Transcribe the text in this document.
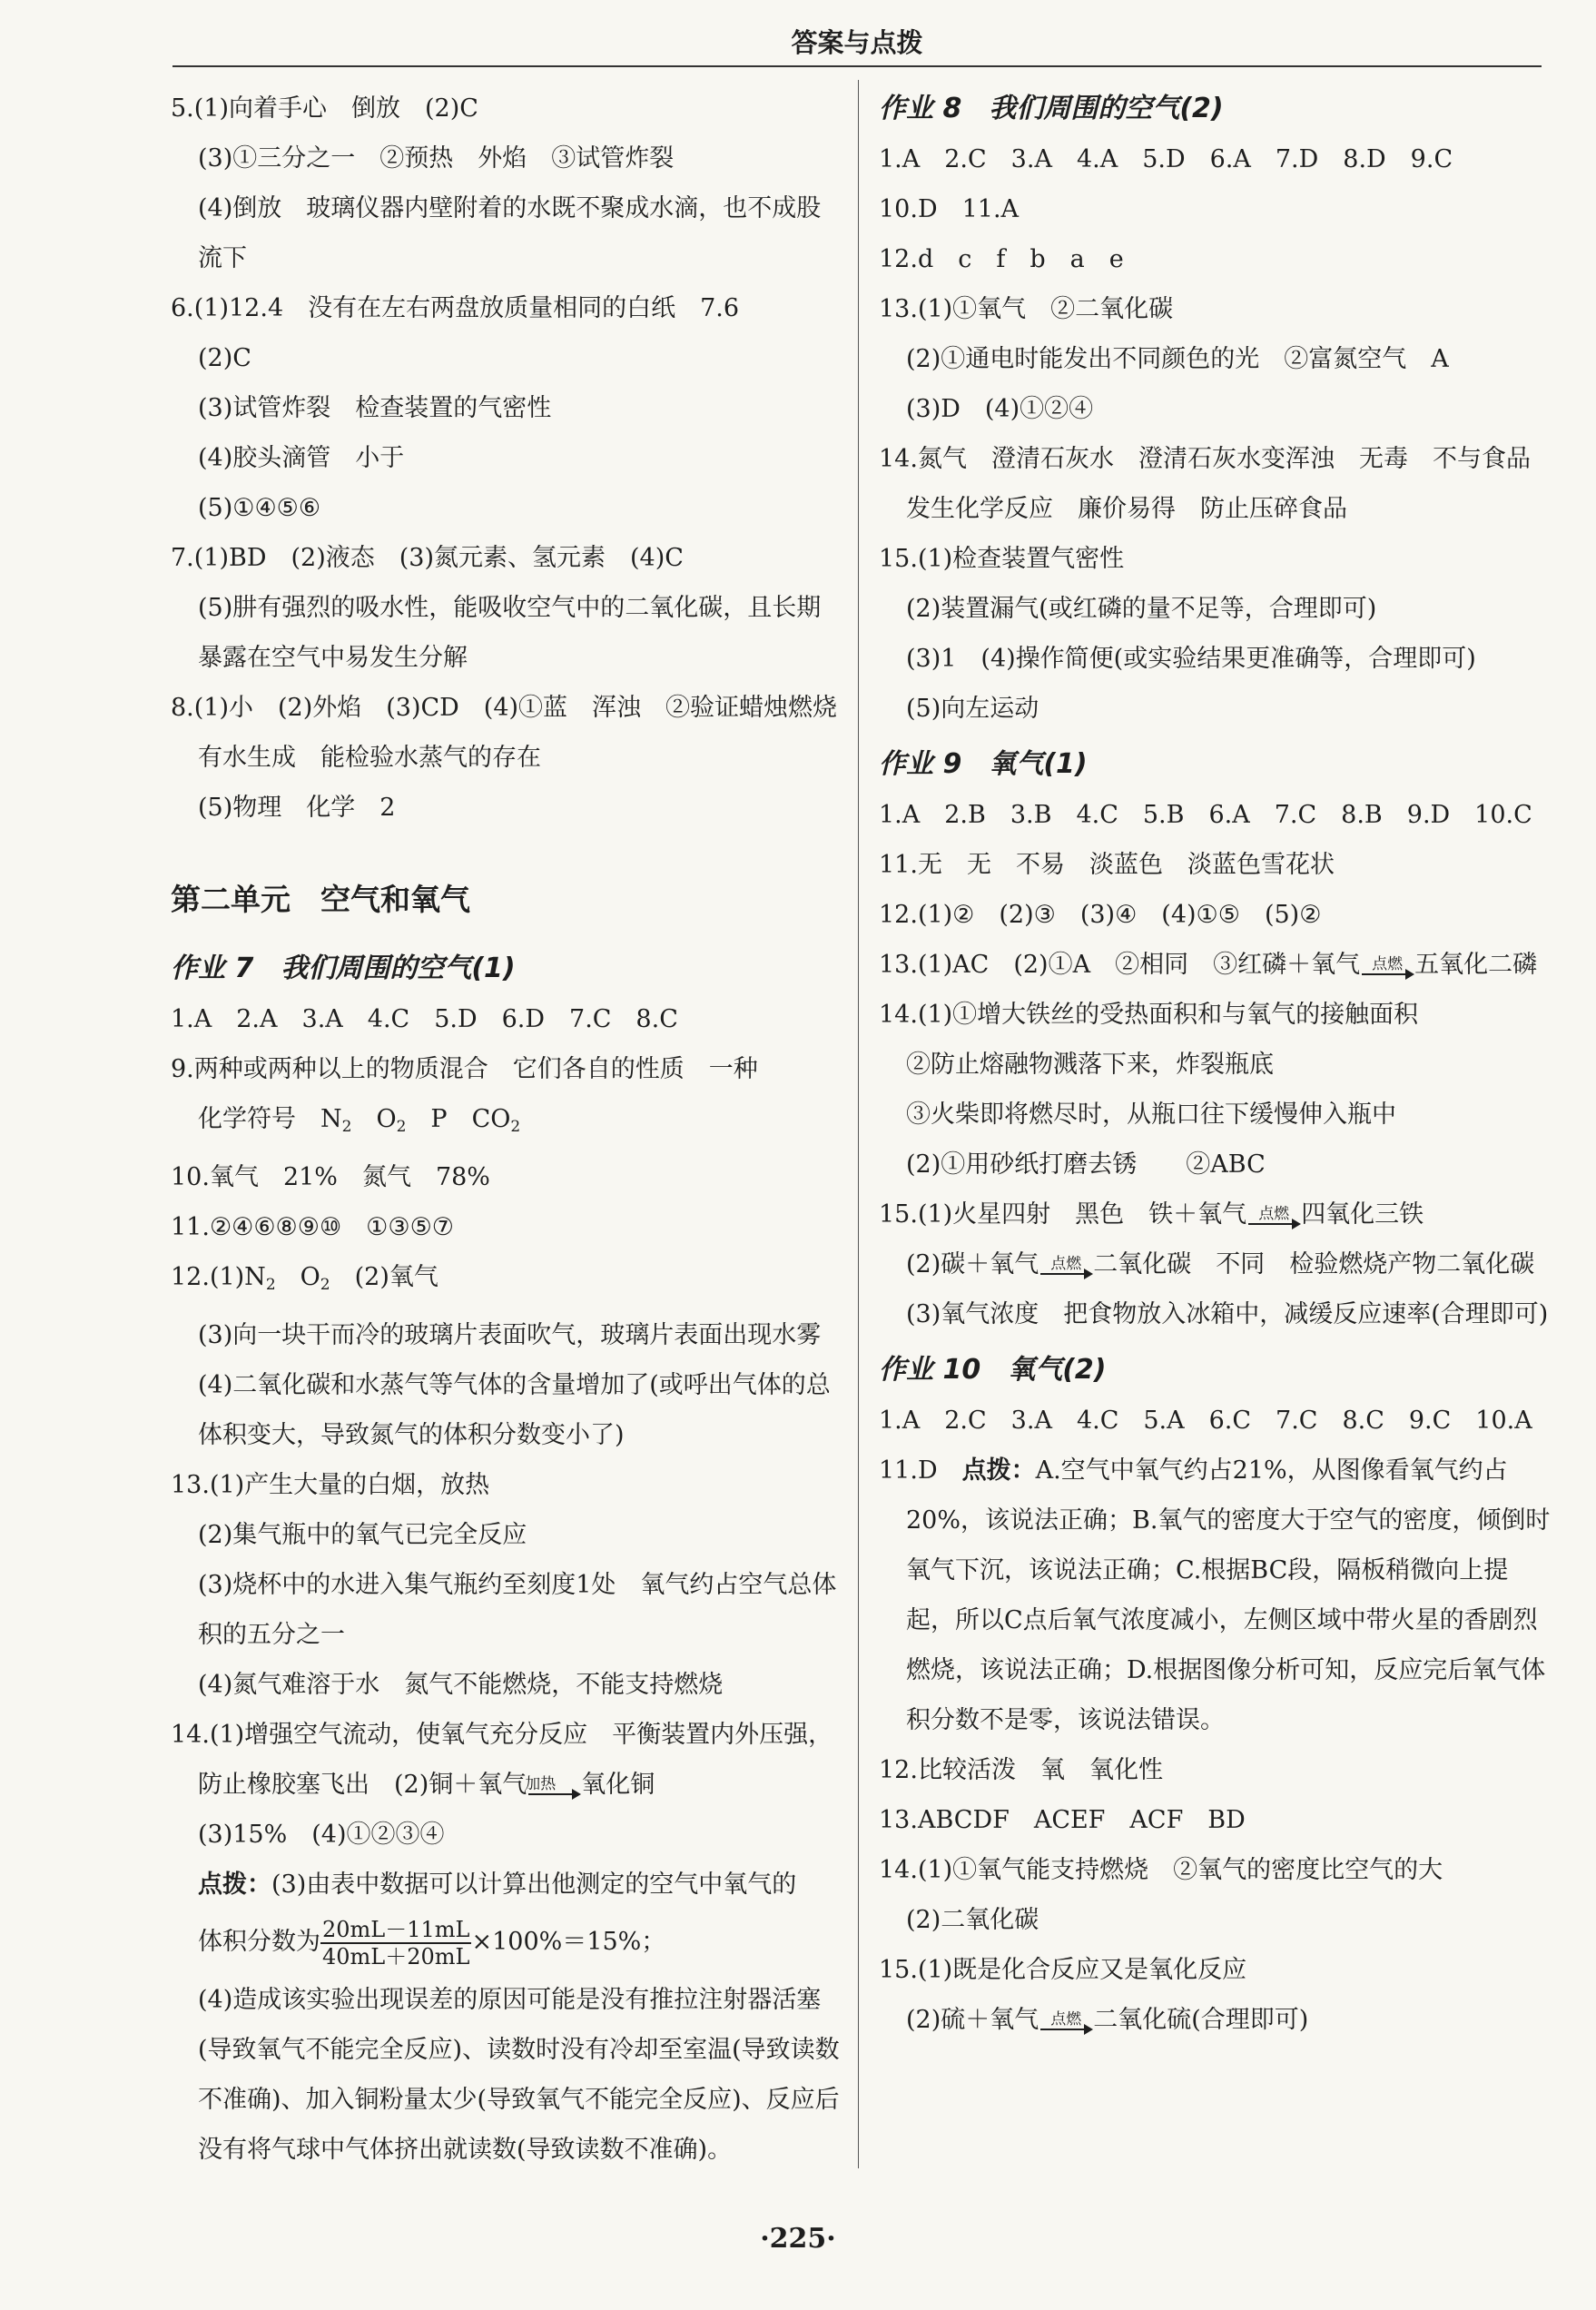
答案与点拨
5.(1)向着手心　倒放　(2)C
(3)①三分之一　②预热　外焰　③试管炸裂
(4)倒放　玻璃仪器内壁附着的水既不聚成水滴，也不成股流下
6.(1)12.4　没有在左右两盘放质量相同的白纸　7.6
(2)C
(3)试管炸裂　检查装置的气密性
(4)胶头滴管　小于
(5)①④⑤⑥
7.(1)BD　(2)液态　(3)氮元素、氢元素　(4)C
(5)肼有强烈的吸水性，能吸收空气中的二氧化碳，且长期暴露在空气中易发生分解
8.(1)小　(2)外焰　(3)CD　(4)①蓝　浑浊　②验证蜡烛燃烧有水生成　能检验水蒸气的存在
(5)物理　化学　2
第二单元　空气和氧气
作业 7　我们周围的空气(1)
1.A　2.A　3.A　4.C　5.D　6.D　7.C　8.C
9.两种或两种以上的物质混合　它们各自的性质　一种
化学符号　$N_2$　$O_2$　P　$CO_2$
10.氧气　21%　氮气　78%
11.②④⑥⑧⑨⑩　①③⑤⑦
$12.(1)N_2$　$O_2$　(2)氧气
(3)向一块干而冷的玻璃片表面吹气，玻璃片表面出现水雾
(4)二氧化碳和水蒸气等气体的含量增加了(或呼出气体的总体积变大，导致氮气的体积分数变小了)
13.(1)产生大量的白烟，放热
(2)集气瓶中的氧气已完全反应
(3)烧杯中的水进入集气瓶约至刻度1处　氧气约占空气总体积的五分之一
(4)氮气难溶于水　氮气不能燃烧，不能支持燃烧
14.(1)增强空气流动，使氧气充分反应　平衡装置内外压强，防止橡胶塞飞出　(2)铜＋氧气
加热	氧化铜
(3)15%　(4)①②③④
点拨：(3)由表中数据可以计算出他测定的空气中氧气的
体积分数为 $\frac{20mL-11mL}{40mL+20mL} \times 100\%=15\%$；
(4)造成该实验出现误差的原因可能是没有推拉注射器活塞(导致氧气不能完全反应)、读数时没有冷却至室温(导致读数不准确)、加入铜粉量太少(导致氧气不能完全反应)、反应后没有将气球中气体挤出就读数(导致读数不准确)。
作业 8　我们周围的空气(2)
1.A　2.C　3.A　4.A　5.D　6.A　7.D　8.D　9.C
10.D　11.A
12.d　c　f　b　a　e
13.(1)①氧气　②二氧化碳
(2)①通电时能发出不同颜色的光　②富氮空气　A
(3)D　(4)①②④
14.氮气　澄清石灰水　澄清石灰水变浑浊　无毒　不与食品发生化学反应　廉价易得　防止压碎食品
15.(1)检查装置气密性
(2)装置漏气(或红磷的量不足等，合理即可)
(3)1　(4)操作简便(或实验结果更准确等，合理即可)
(5)向左运动
作业 9　氧气(1)
1.A　2.B　3.B　4.C　5.B　6.A　7.C　8.B　9.D　10.C
11.无　无　不易　淡蓝色　淡蓝色雪花状
12.(1)②　(2)③　(3)④　(4)①⑤　(5)②
13.(1)AC　(2)①A　②相同　③红磷＋氧气 点燃 五氧化二磷
14.(1)①增大铁丝的受热面积和与氧气的接触面积
②防止熔融物溅落下来，炸裂瓶底
③火柴即将燃尽时，从瓶口往下缓慢伸入瓶中
(2)①用砂纸打磨去锈　　②ABC
15.(1)火星四射　黑色　铁＋氧气 点燃 四氧化三铁
(2)碳＋氧气 点燃 二氧化碳　不同　检验燃烧产物二氧化碳
(3)氧气浓度　把食物放入冰箱中，减缓反应速率(合理即可)
作业 10　氧气(2)
1.A　2.C　3.A　4.C　5.A　6.C　7.C　8.C　9.C　10.A
11.D　点拨：A.空气中氧气约占21%，从图像看氧气约占20%，该说法正确；B.氧气的密度大于空气的密度，倾倒时氧气下沉，该说法正确；C.根据BC段，隔板稍微向上提起，所以C点后氧气浓度减小，左侧区域中带火星的香剧烈燃烧，该说法正确；D.根据图像分析可知，反应完后氧气体积分数不是零，该说法错误。
12.比较活泼　氧　氧化性
13.ABCDF　ACEF　ACF　BD
14.(1)①氧气能支持燃烧　②氧气的密度比空气的大
(2)二氧化碳
15.(1)既是化合反应又是氧化反应
(2)硫＋氧气 点燃 二氧化硫(合理即可)
·225·
